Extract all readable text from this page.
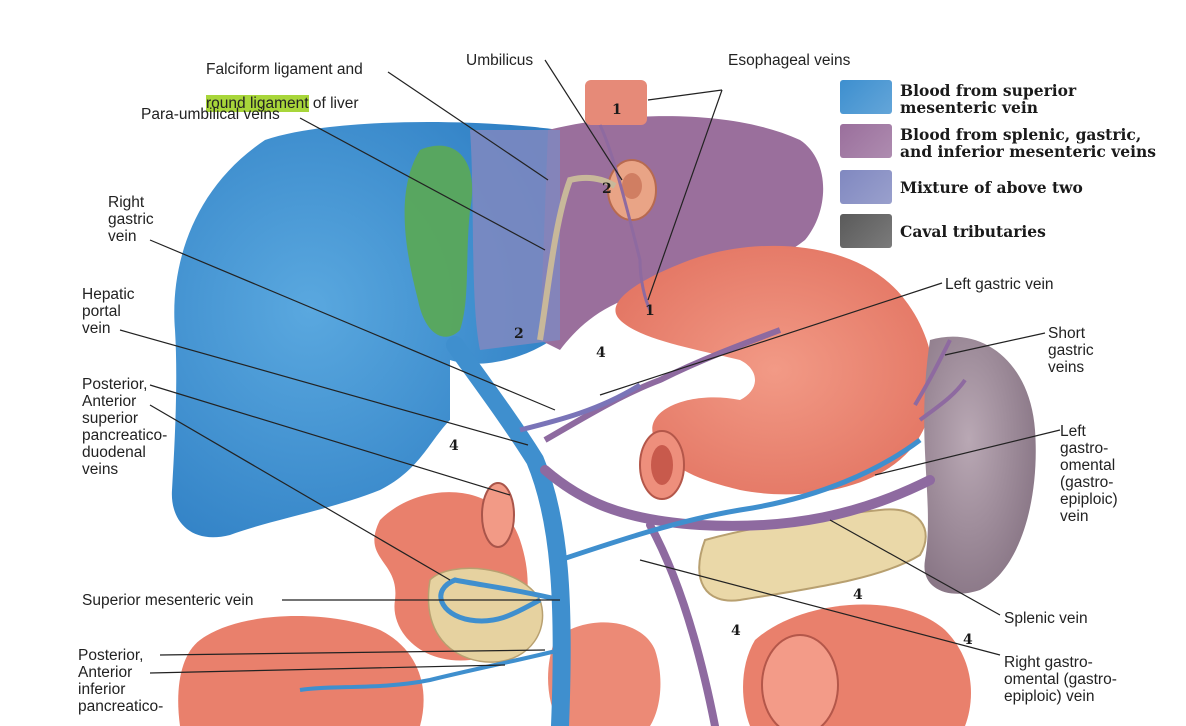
Falciform ligament and

round ligament of liver

Umbilicus	Esophageal veins
Para-umbilical veins
Right
gastric
vein
Hepatic
portal
vein
Posterior,
Anterior
superior
pancreatico-
duodenal
veins
Superior mesenteric vein
Posterior,
Anterior
inferior
pancreatico-
Left gastric vein
Short
gastric
veins
Left
gastro-
omental
(gastro-
epiploic)
vein
Splenic vein
Right gastro-
omental (gastro-
epiploic) vein
1
1
2
2
4
4
4
4
4
Blood from superior
mesenteric vein
Blood from splenic, gastric,
and inferior mesenteric veins
Mixture of above two
Caval tributaries
